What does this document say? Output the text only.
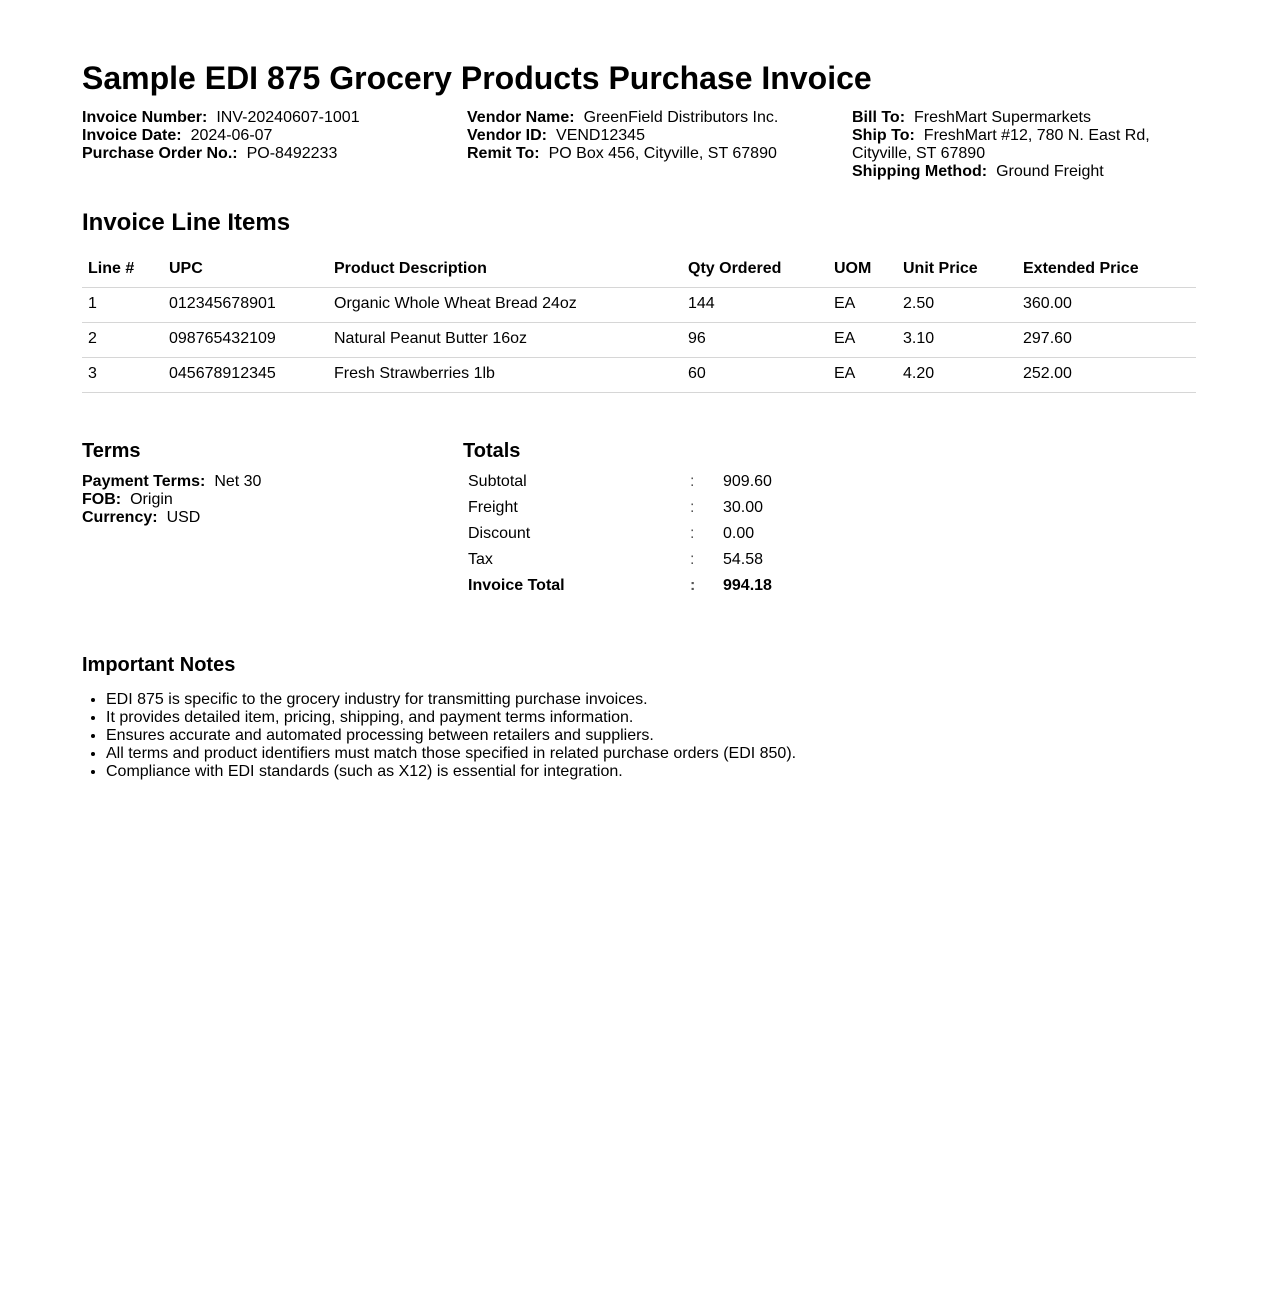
Sample EDI 875 Grocery Products Purchase Invoice
Invoice Number: INV-20240607-1001
Invoice Date: 2024-06-07
Purchase Order No.: PO-8492233
Vendor Name: GreenField Distributors Inc.
Vendor ID: VEND12345
Remit To: PO Box 456, Cityville, ST 67890
Bill To: FreshMart Supermarkets
Ship To: FreshMart #12, 780 N. East Rd, Cityville, ST 67890
Shipping Method: Ground Freight
Invoice Line Items
Line #	UPC	Product Description	Qty Ordered	UOM	Unit Price	Extended Price
1	012345678901	Organic Whole Wheat Bread 24oz	144	EA	2.50	360.00
2	098765432109	Natural Peanut Butter 16oz	96	EA	3.10	297.60
3	045678912345	Fresh Strawberries 1lb	60	EA	4.20	252.00
Terms
Payment Terms: Net 30
FOB: Origin
Currency: USD
Totals
Subtotal	:	909.60
Freight	:	30.00
Discount	:	0.00
Tax	:	54.58
Invoice Total	:	994.18
Important Notes
• EDI 875 is specific to the grocery industry for transmitting purchase invoices.
• It provides detailed item, pricing, shipping, and payment terms information.
• Ensures accurate and automated processing between retailers and suppliers.
• All terms and product identifiers must match those specified in related purchase orders (EDI 850).
• Compliance with EDI standards (such as X12) is essential for integration.
